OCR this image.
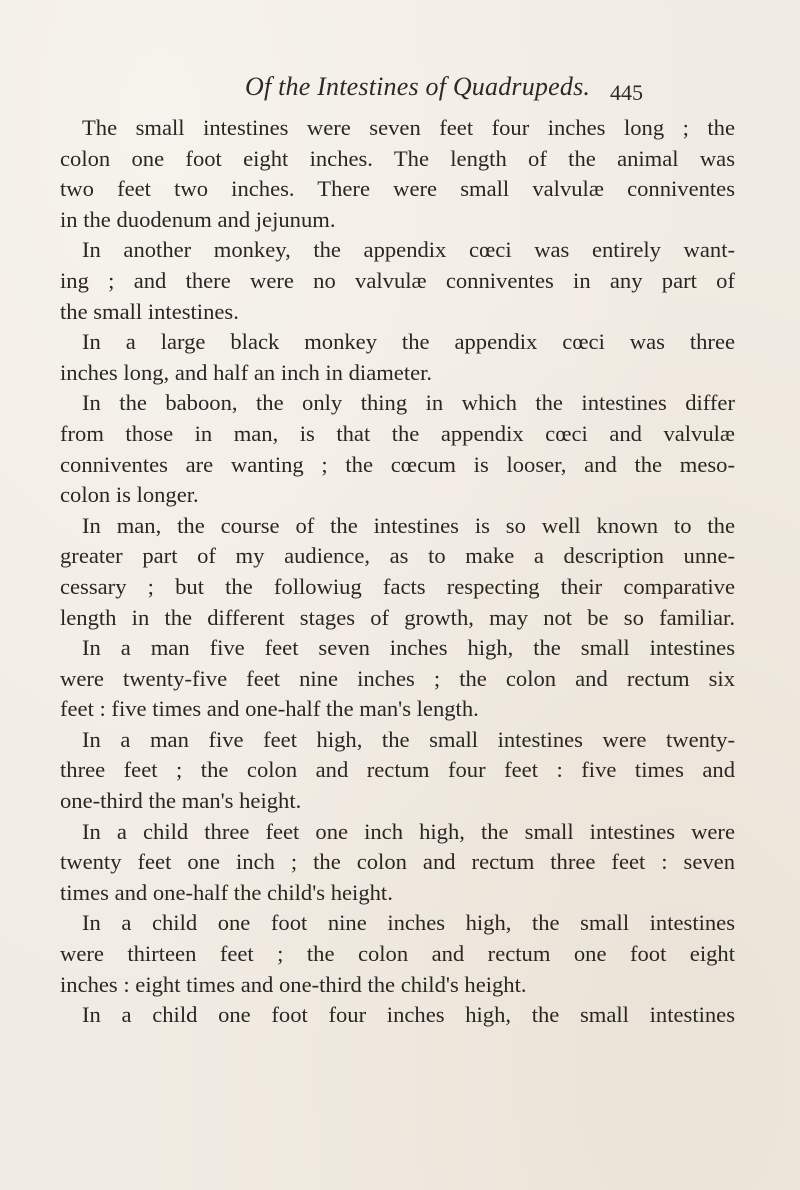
Of the Intestines of Quadrupeds. 445
The small intestines were seven feet four inches long ; the
colon one foot eight inches. The length of the animal was
two feet two inches. There were small valvulæ conniventes
in the duodenum and jejunum.
In another monkey, the appendix cœci was entirely want-
ing ; and there were no valvulæ conniventes in any part of
the small intestines.
In a large black monkey the appendix cœci was three
inches long, and half an inch in diameter.
In the baboon, the only thing in which the intestines differ
from those in man, is that the appendix cœci and valvulæ
conniventes are wanting ; the cœcum is looser, and the meso-
colon is longer.
In man, the course of the intestines is so well known to the
greater part of my audience, as to make a description unne-
cessary ; but the followiug facts respecting their comparative
length in the different stages of growth, may not be so familiar.
In a man five feet seven inches high, the small intestines
were twenty-five feet nine inches ; the colon and rectum six
feet : five times and one-half the man's length.
In a man five feet high, the small intestines were twenty-
three feet ; the colon and rectum four feet : five times and
one-third the man's height.
In a child three feet one inch high, the small intestines were
twenty feet one inch ; the colon and rectum three feet : seven
times and one-half the child's height.
In a child one foot nine inches high, the small intestines
were thirteen feet ; the colon and rectum one foot eight
inches : eight times and one-third the child's height.
In a child one foot four inches high, the small intestines
